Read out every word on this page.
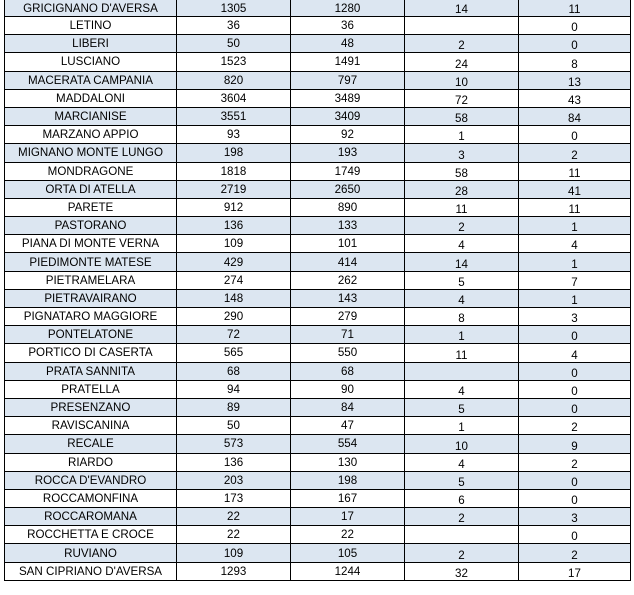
GRICIGNANO D'AVERSA	1305	1280	14	11
LETINO	36	36		0
LIBERI	50	48	2	0
LUSCIANO	1523	1491	24	8
MACERATA CAMPANIA	820	797	10	13
MADDALONI	3604	3489	72	43
MARCIANISE	3551	3409	58	84
MARZANO APPIO	93	92	1	0
MIGNANO MONTE LUNGO	198	193	3	2
MONDRAGONE	1818	1749	58	11
ORTA DI ATELLA	2719	2650	28	41
PARETE	912	890	11	11
PASTORANO	136	133	2	1
PIANA DI MONTE VERNA	109	101	4	4
PIEDIMONTE MATESE	429	414	14	1
PIETRAMELARA	274	262	5	7
PIETRAVAIRANO	148	143	4	1
PIGNATARO MAGGIORE	290	279	8	3
PONTELATONE	72	71	1	0
PORTICO DI CASERTA	565	550	11	4
PRATA SANNITA	68	68		0
PRATELLA	94	90	4	0
PRESENZANO	89	84	5	0
RAVISCANINA	50	47	1	2
RECALE	573	554	10	9
RIARDO	136	130	4	2
ROCCA D'EVANDRO	203	198	5	0
ROCCAMONFINA	173	167	6	0
ROCCAROMANA	22	17	2	3
ROCCHETTA E CROCE	22	22		0
RUVIANO	109	105	2	2
SAN CIPRIANO D'AVERSA	1293	1244	32	17
